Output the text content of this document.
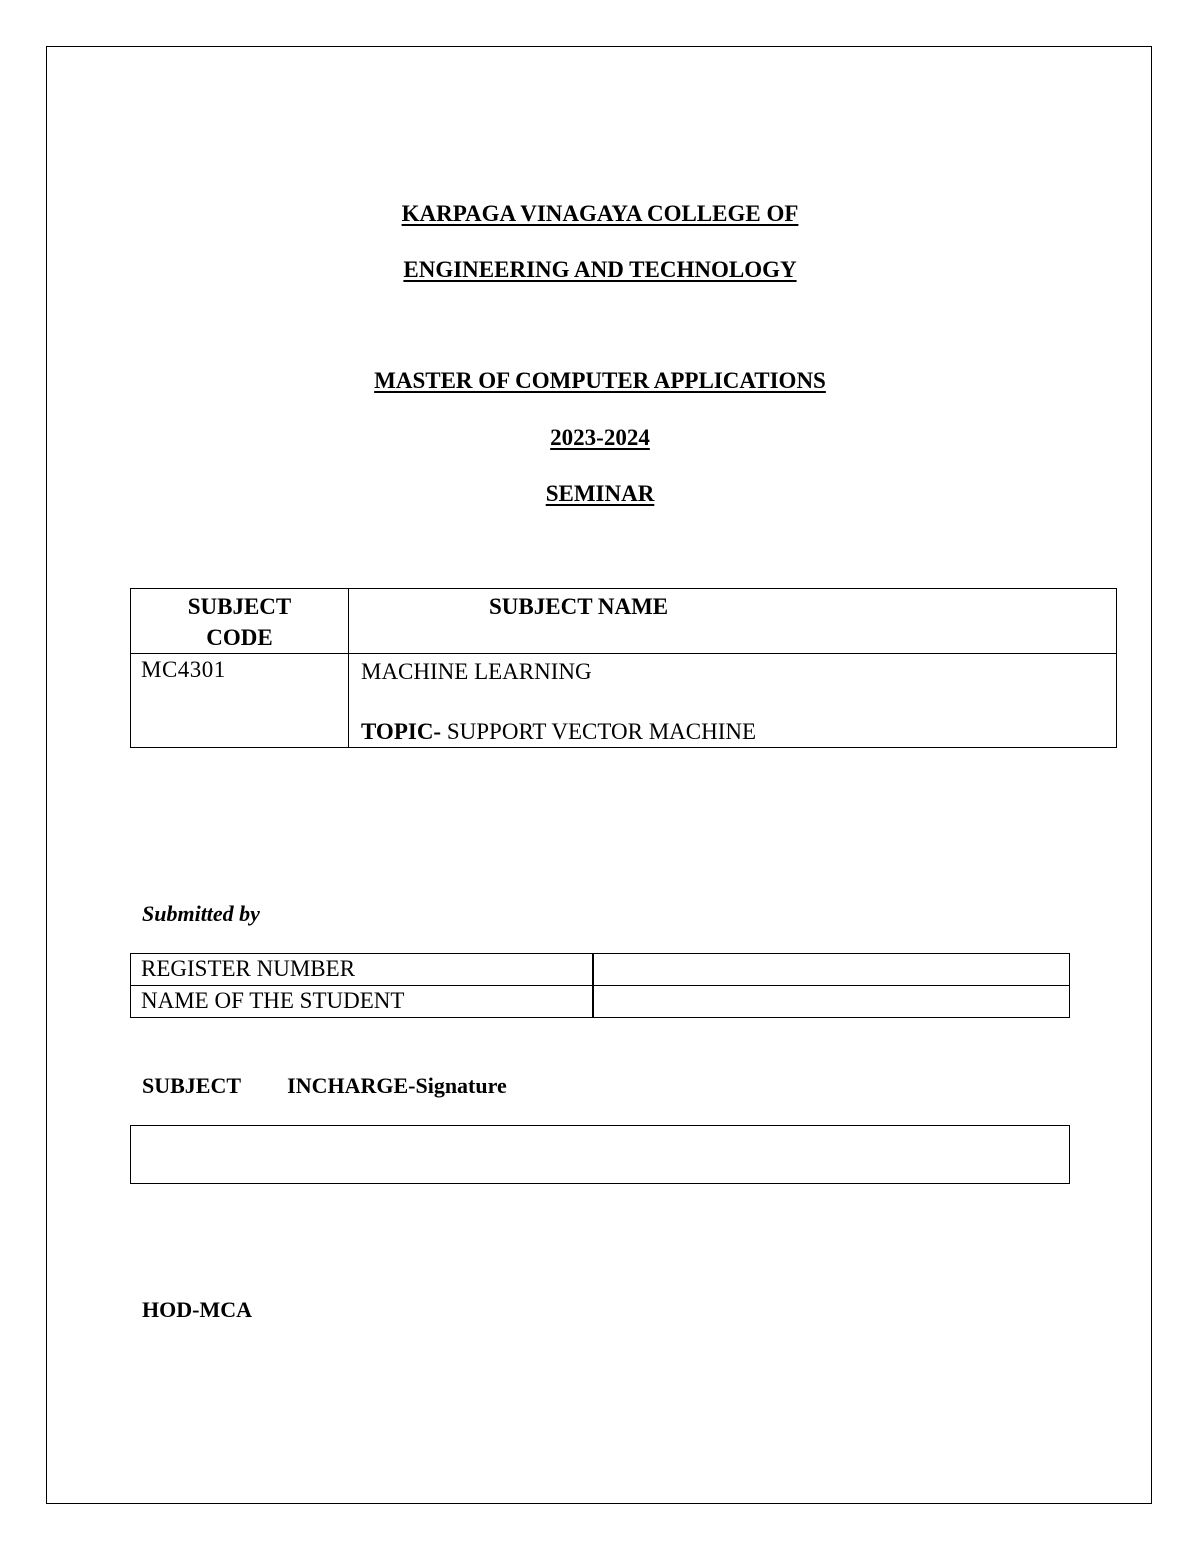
KARPAGA VINAGAYA COLLEGE OF
ENGINEERING AND TECHNOLOGY
MASTER OF COMPUTER APPLICATIONS
2023-2024
SEMINAR
SUBJECT
CODE	SUBJECT NAME
MC4301	MACHINE LEARNING
TOPIC- SUPPORT VECTOR MACHINE
Submitted by
REGISTER NUMBER	
NAME OF THE STUDENT	
SUBJECT   INCHARGE-Signature
HOD-MCA
